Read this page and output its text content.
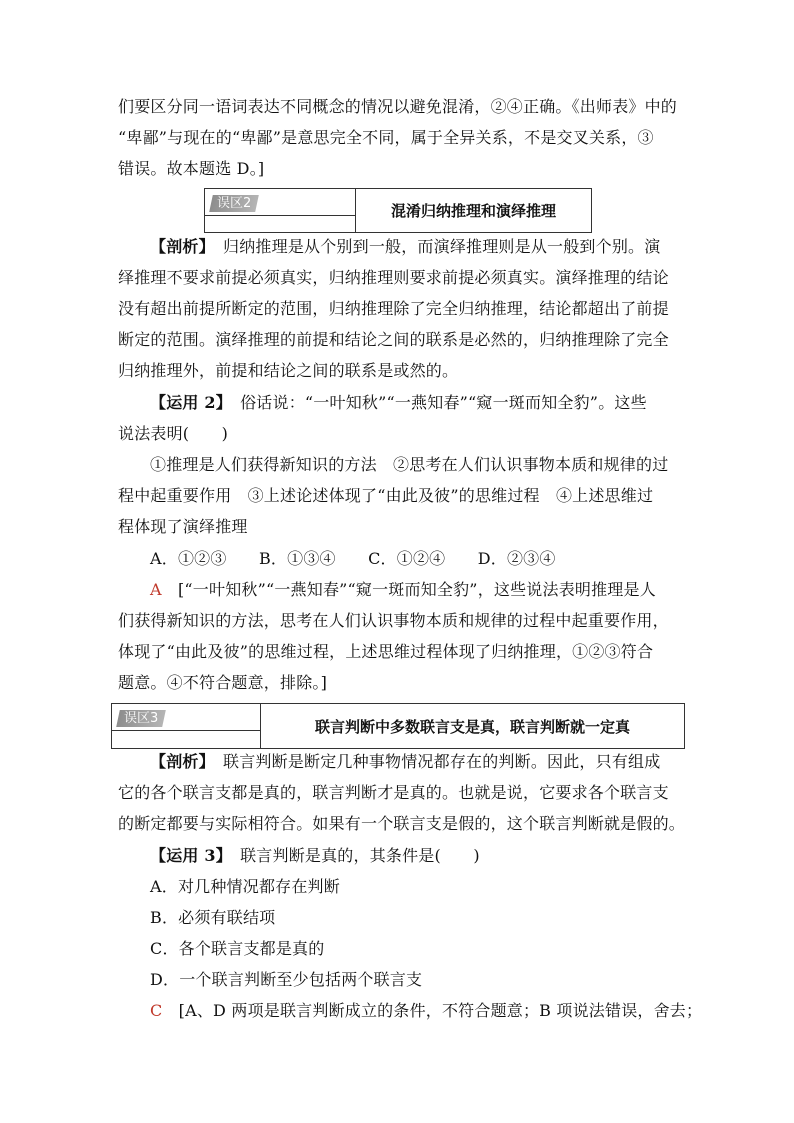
们要区分同一语词表达不同概念的情况以避免混淆，②④正确。《出师表》中的
“卑鄙”与现在的“卑鄙”是意思完全不同，属于全异关系，不是交叉关系，③
错误。故本题选 D。]
误区2	混淆归纳推理和演绎推理
【剖析】　 归纳推理是从个别到一般，而演绎推理则是从一般到个别。演
绎推理不要求前提必须真实，归纳推理则要求前提必须真实。演绎推理的结论
没有超出前提所断定的范围，归纳推理除了完全归纳推理，结论都超出了前提
断定的范围。演绎推理的前提和结论之间的联系是必然的，归纳推理除了完全
归纳推理外，前提和结论之间的联系是或然的。
【运用 2】　 俗话说：“一叶知秋”“一燕知春”“窥一斑而知全豹”。这些
说法表明(　　)
①推理是人们获得新知识的方法　②思考在人们认识事物本质和规律的过
程中起重要作用　③上述论述体现了“由此及彼”的思维过程　④上述思维过
程体现了演绎推理
A．①②③　　B．①③④　　C．①②④　　D．②③④
A　 [“一叶知秋”“一燕知春”“窥一斑而知全豹”，这些说法表明推理是人
们获得新知识的方法，思考在人们认识事物本质和规律的过程中起重要作用，
体现了“由此及彼”的思维过程，上述思维过程体现了归纳推理，①②③符合
题意。④不符合题意，排除。]
误区3	联言判断中多数联言支是真，联言判断就一定真
【剖析】　 联言判断是断定几种事物情况都存在的判断。因此，只有组成
它的各个联言支都是真的，联言判断才是真的。也就是说，它要求各个联言支
的断定都要与实际相符合。如果有一个联言支是假的，这个联言判断就是假的。
【运用 3】　 联言判断是真的，其条件是(　　)
A．对几种情况都存在判断
B．必须有联结项
C．各个联言支都是真的
D．一个联言判断至少包括两个联言支
C　 [A、D 两项是联言判断成立的条件，不符合题意；B 项说法错误，舍去；
